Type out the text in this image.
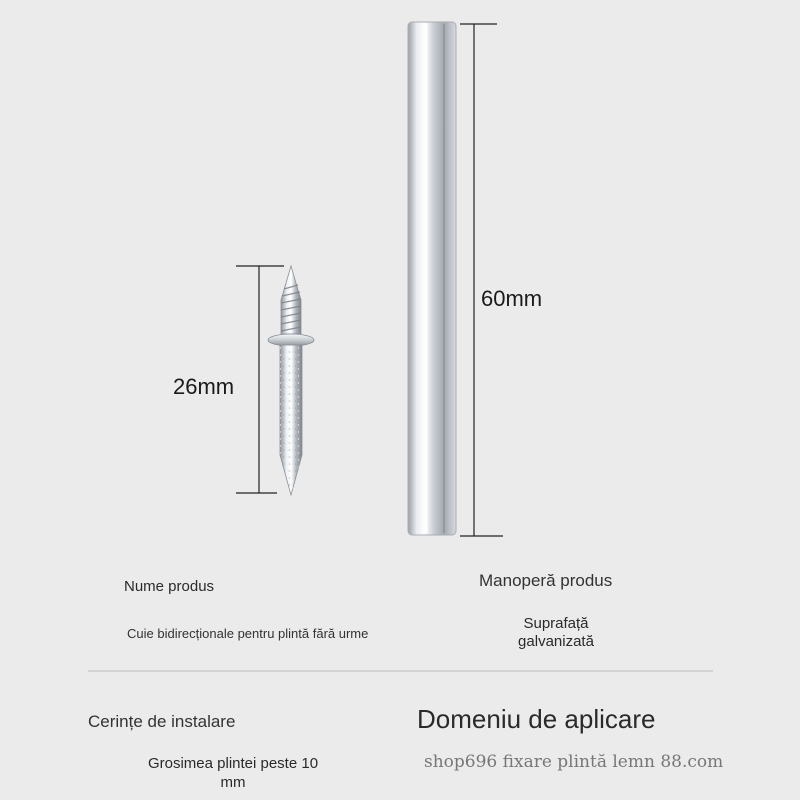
60mm
26mm
Nume produs
Cuie bidirecționale pentru plintă fără urme
Manoperă produs
Suprafață
galvanizată
Cerințe de instalare
Grosimea plintei peste 10
mm
Domeniu de aplicare
shop696 fixare plintă lemn 88.com
